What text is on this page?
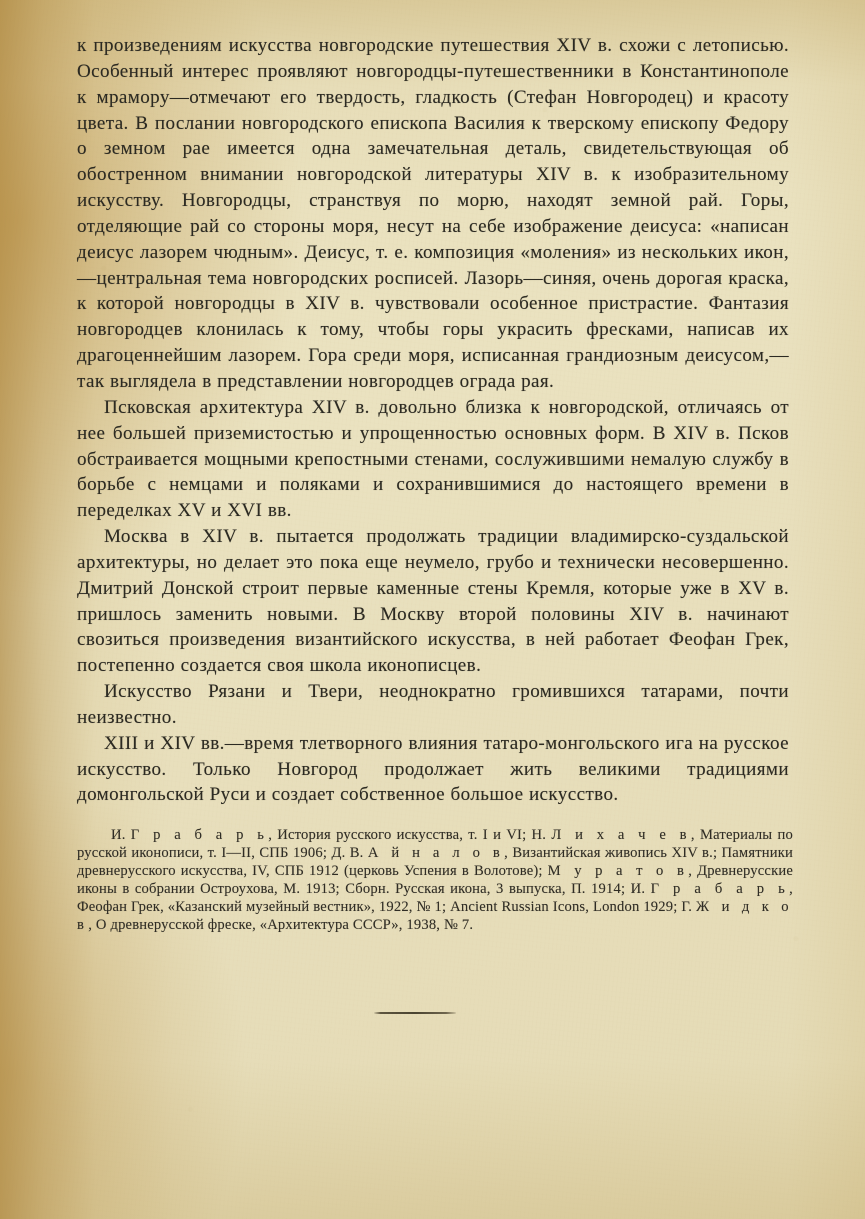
к произведениям искусства новгородские путешествия XIV в. схожи с летописью. Особенный интерес проявляют новгородцы-путешественники в Константинополе к мрамору—отмечают его твердость, гладкость (Стефан Новгородец) и красоту цвета. В послании новгородского епископа Василия к тверскому епископу Федору о земном рае имеется одна замечательная деталь, свидетельствующая об обостренном внимании новгородской литературы XIV в. к изобразительному искусству. Новгородцы, странствуя по морю, находят земной рай. Горы, отделяющие рай со стороны моря, несут на себе изображение деисуса: «написан деисус лазорем чюдным». Деисус, т. е. композиция «моления» из нескольких икон,—центральная тема новгородских росписей. Лазорь—синяя, очень дорогая краска, к которой новгородцы в XIV в. чувствовали особенное пристрастие. Фантазия новгородцев клонилась к тому, чтобы горы украсить фресками, написав их драгоценнейшим лазорем. Гора среди моря, исписанная грандиозным деисусом,—так выглядела в представлении новгородцев ограда рая.

Псковская архитектура XIV в. довольно близка к новгородской, отличаясь от нее большей приземистостью и упрощенностью основных форм. В XIV в. Псков обстраивается мощными крепостными стенами, сослужившими немалую службу в борьбе с немцами и поляками и сохранившимися до настоящего времени в переделках XV и XVI вв.

Москва в XIV в. пытается продолжать традиции владимирско-суздальской архитектуры, но делает это пока еще неумело, грубо и технически несовершенно. Дмитрий Донской строит первые каменные стены Кремля, которые уже в XV в. пришлось заменить новыми. В Москву второй половины XIV в. начинают свозиться произведения византийского искусства, в ней работает Феофан Грек, постепенно создается своя школа иконописцев.

Искусство Рязани и Твери, неоднократно громившихся татарами, почти неизвестно.

XIII и XIV вв.—время тлетворного влияния татаро-монгольского ига на русское искусство. Только Новгород продолжает жить великими традициями домонгольской Руси и создает собственное большое искусство.

И. Г р а б а р ь, История русского искусства, т. I и VI; Н. Л и х а ч е в, Материалы по русской иконописи, т. I—II, СПБ 1906; Д. В. А й н а л о в, Византийская живопись XIV в.; Памятники древнерусского искусства, IV, СПБ 1912 (церковь Успения в Волотове); М у р а т о в, Древнерусские иконы в собрании Остроухова, М. 1913; Сборн. Русская икона, 3 выпуска, П. 1914; И. Г р а б а р ь, Феофан Грек, «Казанский музейный вестник», 1922, № 1; Ancient Russian Icons, London 1929; Г. Ж и д к о в, О древнерусской фреске, «Архитектура СССР», 1938, № 7.
